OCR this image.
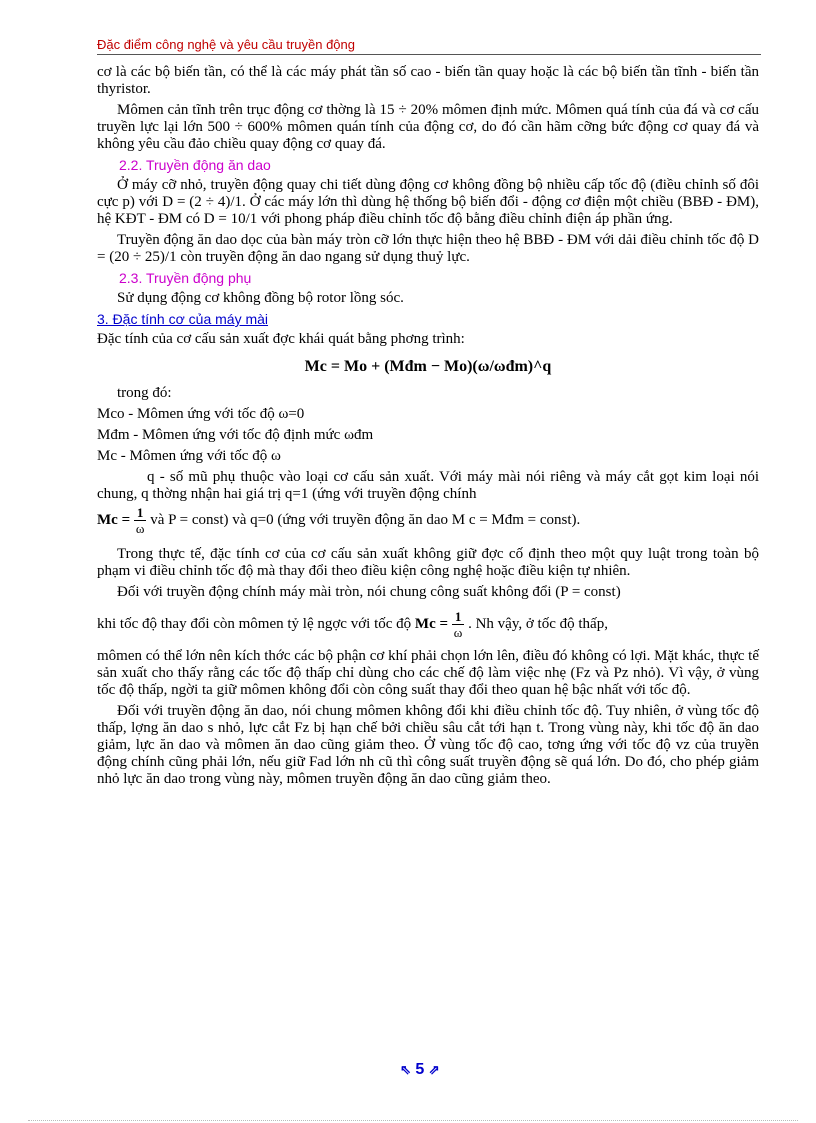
Đặc điểm công nghệ và yêu cầu truyền động

cơ là các bộ biến tần, có thể là các máy phát tần số cao - biến tần quay hoặc là các bộ biến tần tĩnh - biến tần thyristor.

Mômen cản tĩnh trên trục động cơ thờng là 15 ÷ 20% mômen định mức. Mômen quá tính của đá và cơ cấu truyền lực lại lớn 500 ÷ 600% mômen quán tính của động cơ, do đó cần hãm cỡng bức động cơ quay đá và không yêu cầu đảo chiều quay động cơ quay đá.

2.2. Truyền động ăn dao

Ở máy cỡ nhỏ, truyền động quay chi tiết dùng động cơ không đồng bộ nhiều cấp tốc độ (điều chỉnh số đôi cực p) với D = (2 ÷ 4)/1. Ở các máy lớn thì dùng hệ thống bộ biến đổi - động cơ điện một chiều (BBĐ - ĐM), hệ KĐT - ĐM có D = 10/1 với phong pháp điều chỉnh tốc độ bằng điều chỉnh điện áp phần ứng.

Truyền động ăn dao dọc của bàn máy tròn cỡ lớn thực hiện theo hệ BBĐ - ĐM với dải điều chỉnh tốc độ D = (20 ÷ 25)/1 còn truyền động ăn dao ngang sử dụng thuỷ lực.

2.3. Truyền động phụ

Sử dụng động cơ không đồng bộ rotor lồng sóc.

3. Đặc tính cơ của máy mài

Đặc tính của cơ cấu sản xuất đợc khái quát bằng phơng trình:

Mc = Mo + (Mđm − Mo)(ω/ωđm)^q

trong đó:

Mco - Mômen ứng với tốc độ ω=0

Mđm - Mômen ứng với tốc độ định mức ωđm

Mc - Mômen ứng với tốc độ ω

q - số mũ phụ thuộc vào loại cơ cấu sản xuất. Với máy mài nói riêng và máy cắt gọt kim loại nói chung, q thờng nhận hai giá trị q=1 (ứng với truyền động chính

$Mc = \frac{1}{\omega}$ và P = const) và q=0 (ứng với truyền động ăn dao M c = Mđm = const).

Trong thực tế, đặc tính cơ của cơ cấu sản xuất không giữ đợc cố định theo một quy luật trong toàn bộ phạm vi điều chỉnh tốc độ mà thay đổi theo điều kiện công nghệ hoặc điều kiện tự nhiên.

Đối với truyền động chính máy mài tròn, nói chung công suất không đổi (P = const)

khi tốc độ thay đổi còn mômen tỷ lệ ngợc với tốc độ $Mc = \frac{1}{\omega}$ . Nh vậy, ở tốc độ thấp,

mômen có thể lớn nên kích thớc các bộ phận cơ khí phải chọn lớn lên, điều đó không có lợi. Mặt khác, thực tế sản xuất cho thấy rằng các tốc độ thấp chỉ dùng cho các chế độ làm việc nhẹ (Fz và Pz nhỏ). Vì vậy, ở vùng tốc độ thấp, ngời ta giữ mômen không đổi còn công suất thay đổi theo quan hệ bậc nhất với tốc độ.

Đối với truyền động ăn dao, nói chung mômen không đổi khi điều chỉnh tốc độ. Tuy nhiên, ở vùng tốc độ thấp, lợng ăn dao s nhỏ, lực cắt Fz bị hạn chế bởi chiều sâu cắt tới hạn t. Trong vùng này, khi tốc độ ăn dao giảm, lực ăn dao và mômen ăn dao cũng giảm theo. Ở vùng tốc độ cao, tơng ứng với tốc độ vz của truyền động chính cũng phải lớn, nếu giữ Fad lớn nh cũ thì công suất truyền động sẽ quá lớn. Do đó, cho phép giảm nhỏ lực ăn dao trong vùng này, mômen truyền động ăn dao cũng giảm theo.

⇖ 5 ⇗
